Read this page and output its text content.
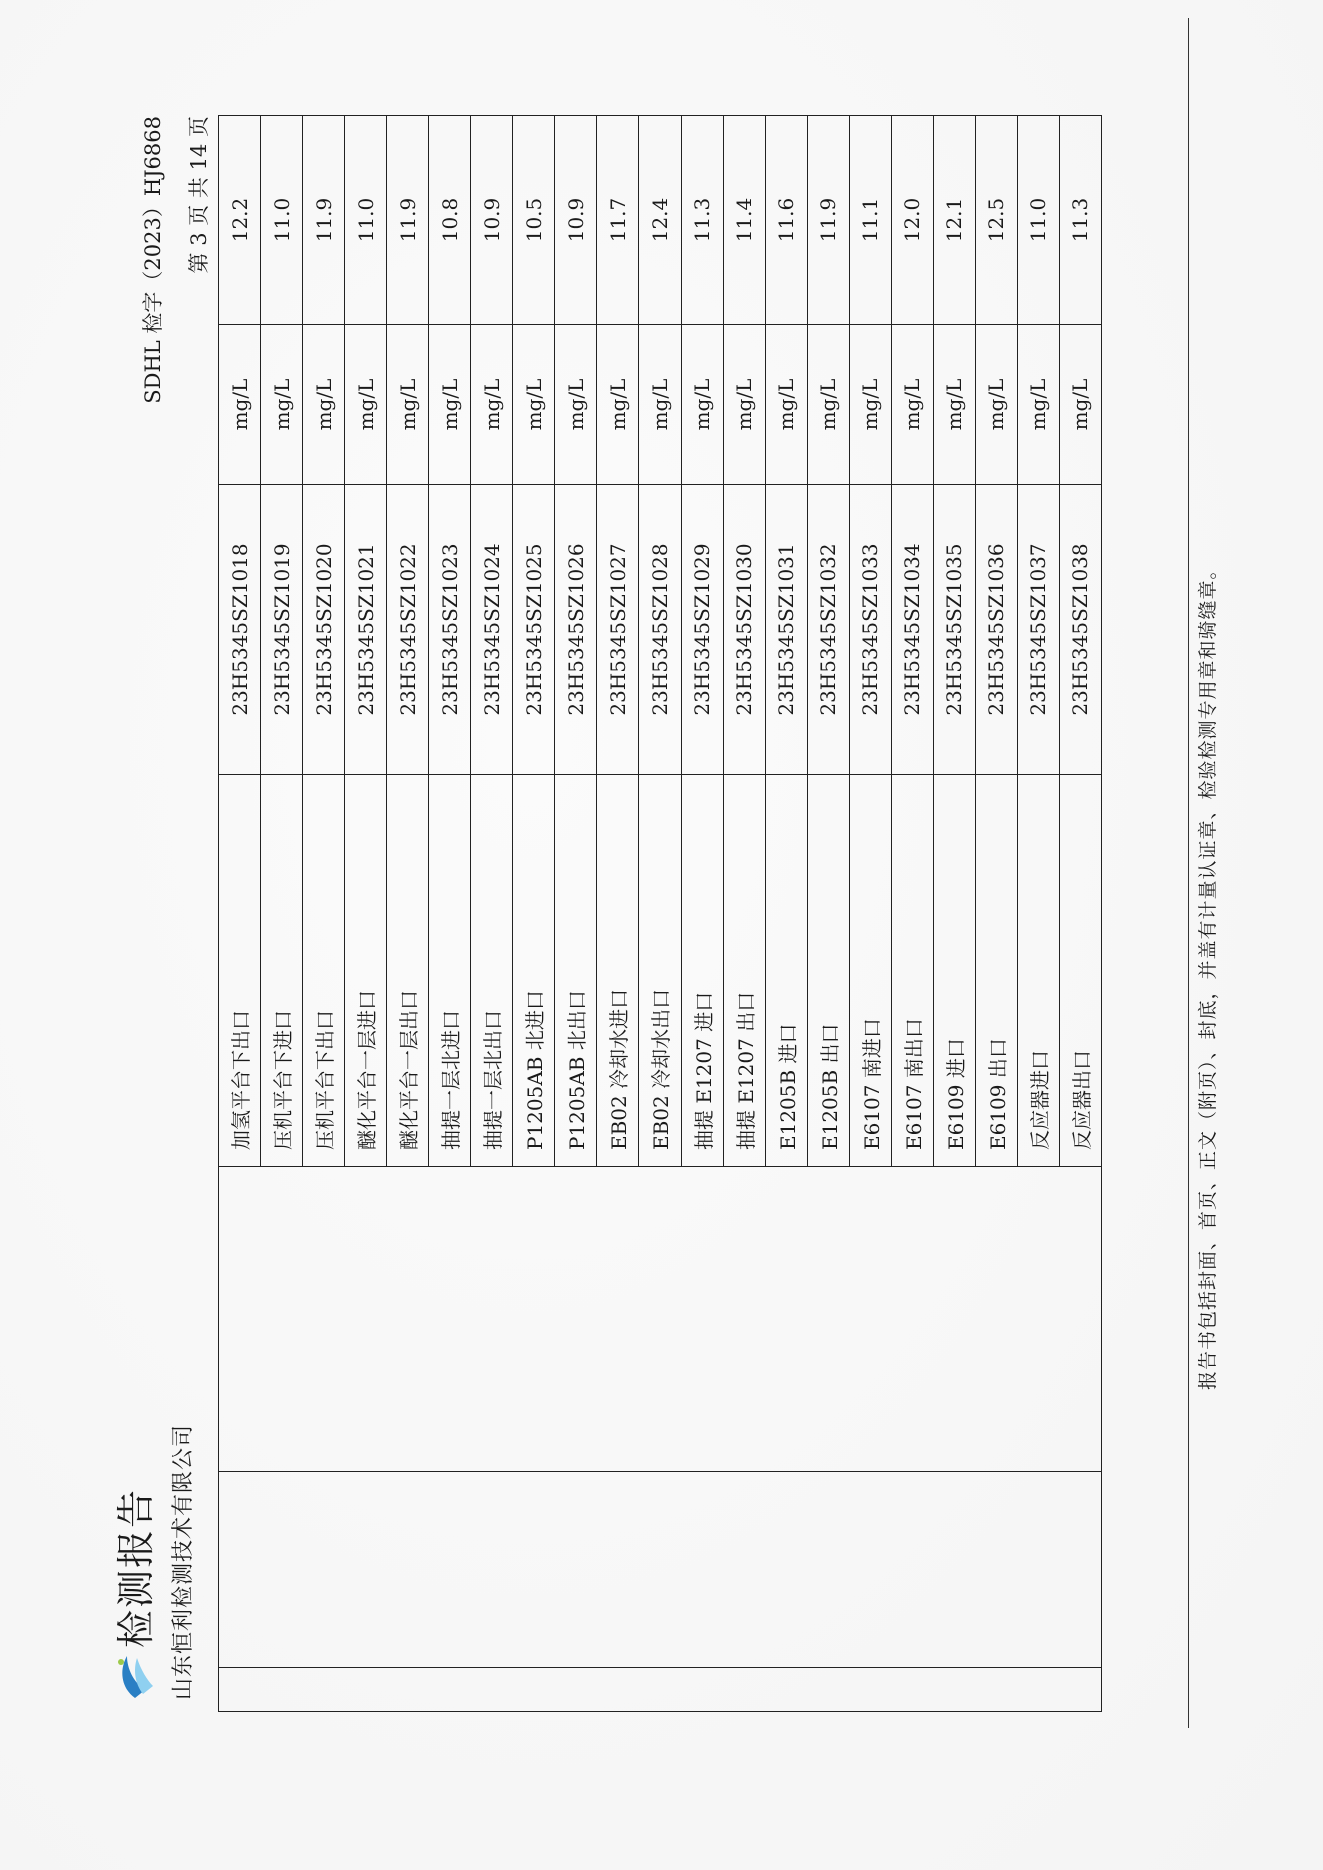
检测报告 山东恒利检测技术有限公司
SDHL 检字（2023）HJ6868	第 3 页 共 14 页
			加氢平台下出口	23H5345SZ1018	mg/L	12.2
			压机平台下进口	23H5345SZ1019	mg/L	11.0
			压机平台下出口	23H5345SZ1020	mg/L	11.9
			醚化平台一层进口	23H5345SZ1021	mg/L	11.0
			醚化平台一层出口	23H5345SZ1022	mg/L	11.9
			抽提一层北进口	23H5345SZ1023	mg/L	10.8
			抽提一层北出口	23H5345SZ1024	mg/L	10.9
			P1205AB 北进口	23H5345SZ1025	mg/L	10.5
			P1205AB 北出口	23H5345SZ1026	mg/L	10.9
			EB02 冷却水进口	23H5345SZ1027	mg/L	11.7
			EB02 冷却水出口	23H5345SZ1028	mg/L	12.4
			抽提 E1207 进口	23H5345SZ1029	mg/L	11.3
			抽提 E1207 出口	23H5345SZ1030	mg/L	11.4
			E1205B 进口	23H5345SZ1031	mg/L	11.6
			E1205B 出口	23H5345SZ1032	mg/L	11.9
			E6107 南进口	23H5345SZ1033	mg/L	11.1
			E6107 南出口	23H5345SZ1034	mg/L	12.0
			E6109 进口	23H5345SZ1035	mg/L	12.1
			E6109 出口	23H5345SZ1036	mg/L	12.5
			反应器进口	23H5345SZ1037	mg/L	11.0
			反应器出口	23H5345SZ1038	mg/L	11.3
报告书包括封面、首页、正文（附页）、封底，并盖有计量认证章、检验检测专用章和骑缝章。
